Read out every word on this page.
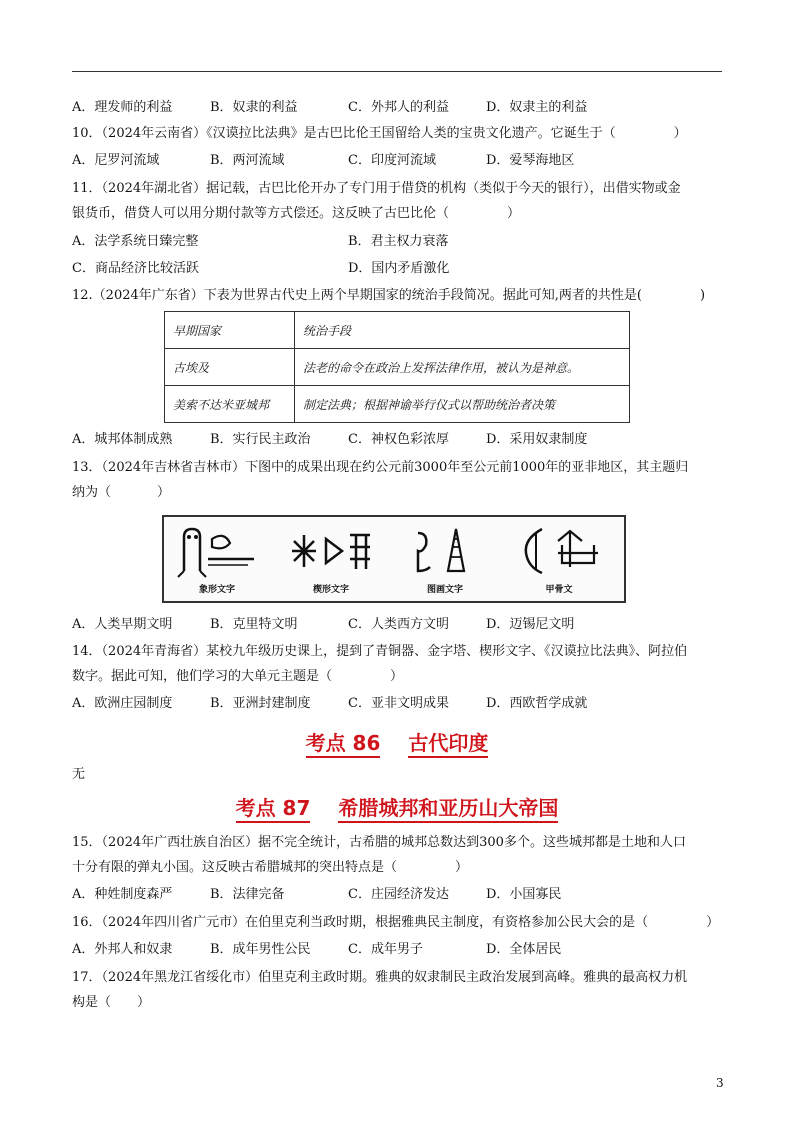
A．理发师的利益	B．奴隶的利益	C．外邦人的利益	D．奴隶主的利益
10．（2024年云南省）《汉谟拉比法典》是古巴比伦王国留给人类的宝贵文化遗产。它诞生于（	）
A．尼罗河流域	B．两河流域	C．印度河流域	D．爱琴海地区
11．（2024年湖北省）据记载，古巴比伦开办了专门用于借贷的机构（类似于今天的银行），出借实物或金
银货币，借贷人可以用分期付款等方式偿还。这反映了古巴比伦（	）
A．法学系统日臻完整	B．君主权力衰落
C．商品经济比较活跃	D．国内矛盾激化
12.（2024年广东省）下表为世界古代史上两个早期国家的统治手段简况。据此可知,两者的共性是(	)
早期国家	统治手段
古埃及	法老的命令在政治上发挥法律作用，被认为是神意。
美索不达米亚城邦	制定法典；根据神谕举行仪式以帮助统治者决策
A．城邦体制成熟	B．实行民主政治	C．神权色彩浓厚	D．采用奴隶制度
13．（2024年吉林省吉林市）下图中的成果出现在约公元前3000年至公元前1000年的亚非地区，其主题归
纳为（	）
象形文字	楔形文字	图画文字	甲骨文
A．人类早期文明	B．克里特文明	C．人类西方文明	D．迈锡尼文明
14．（2024年青海省）某校九年级历史课上，提到了青铜器、金字塔、楔形文字、《汉谟拉比法典》、阿拉伯
数字。据此可知，他们学习的大单元主题是（	）
A．欧洲庄园制度	B．亚洲封建制度	C．亚非文明成果	D．西欧哲学成就
考点 86 古代印度
无
考点 87 希腊城邦和亚历山大帝国
15．（2024年广西壮族自治区）据不完全统计，古希腊的城邦总数达到300多个。这些城邦都是土地和人口
十分有限的弹丸小国。这反映古希腊城邦的突出特点是（	）
A．种姓制度森严	B．法律完备	C．庄园经济发达	D．小国寡民
16．（2024年四川省广元市）在伯里克利当政时期，根据雅典民主制度，有资格参加公民大会的是（	）
A．外邦人和奴隶	B．成年男性公民	C．成年男子	D．全体居民
17．（2024年黑龙江省绥化市）伯里克利主政时期。雅典的奴隶制民主政治发展到高峰。雅典的最高权力机
构是（ ）
3
